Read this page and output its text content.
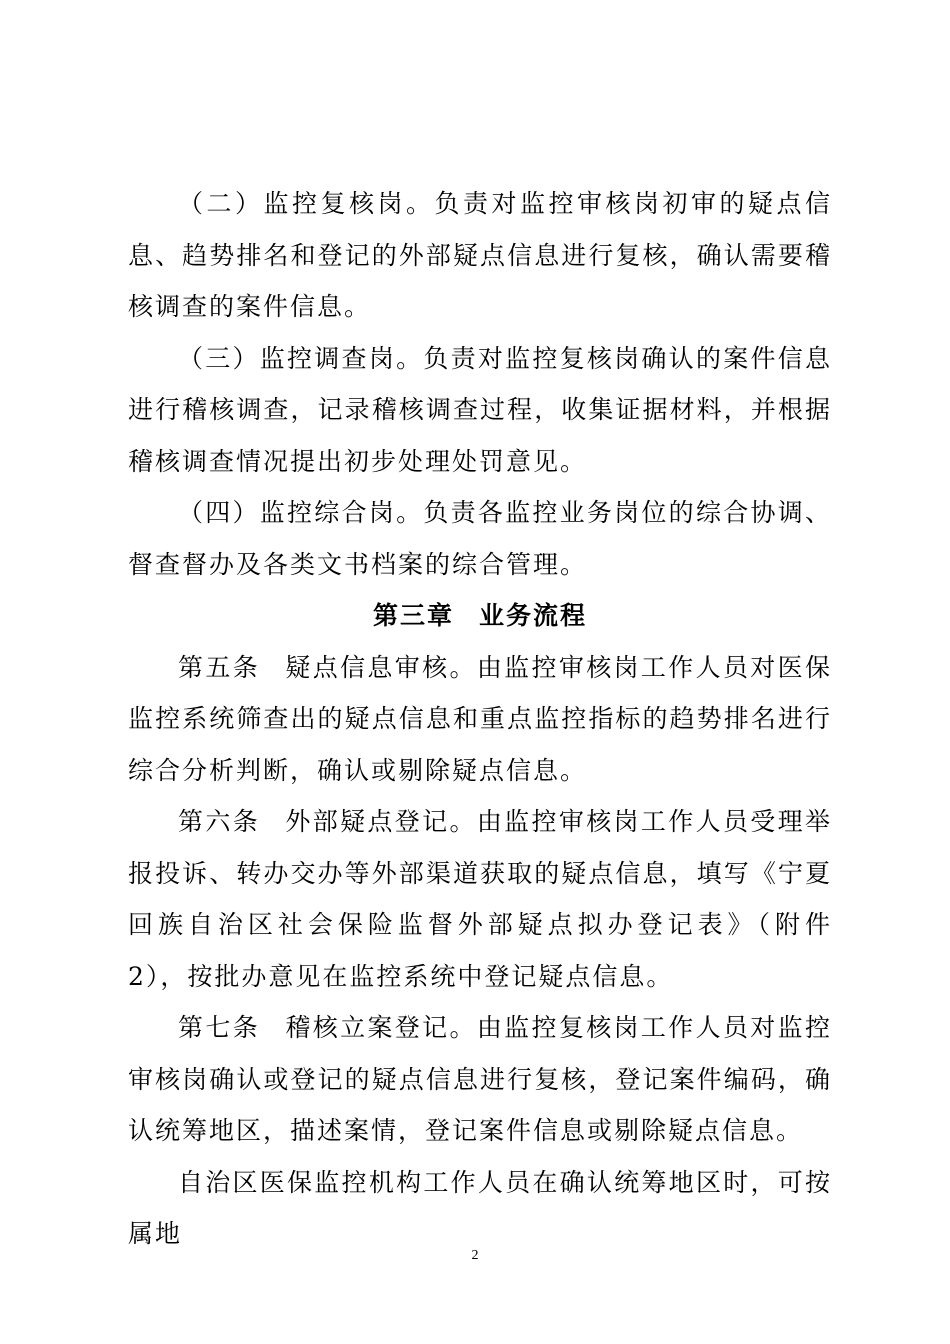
（二）监控复核岗。负责对监控审核岗初审的疑点信息、趋势排名和登记的外部疑点信息进行复核，确认需要稽核调查的案件信息。

（三）监控调查岗。负责对监控复核岗确认的案件信息进行稽核调查，记录稽核调查过程，收集证据材料，并根据稽核调查情况提出初步处理处罚意见。

（四）监控综合岗。负责各监控业务岗位的综合协调、督查督办及各类文书档案的综合管理。

第三章 业务流程

第五条 疑点信息审核。由监控审核岗工作人员对医保监控系统筛查出的疑点信息和重点监控指标的趋势排名进行综合分析判断，确认或剔除疑点信息。

第六条 外部疑点登记。由监控审核岗工作人员受理举报投诉、转办交办等外部渠道获取的疑点信息，填写《宁夏回族自治区社会保险监督外部疑点拟办登记表》（附件 2），按批办意见在监控系统中登记疑点信息。

第七条 稽核立案登记。由监控复核岗工作人员对监控审核岗确认或登记的疑点信息进行复核，登记案件编码，确认统筹地区，描述案情，登记案件信息或剔除疑点信息。

自治区医保监控机构工作人员在确认统筹地区时，可按属地

2
